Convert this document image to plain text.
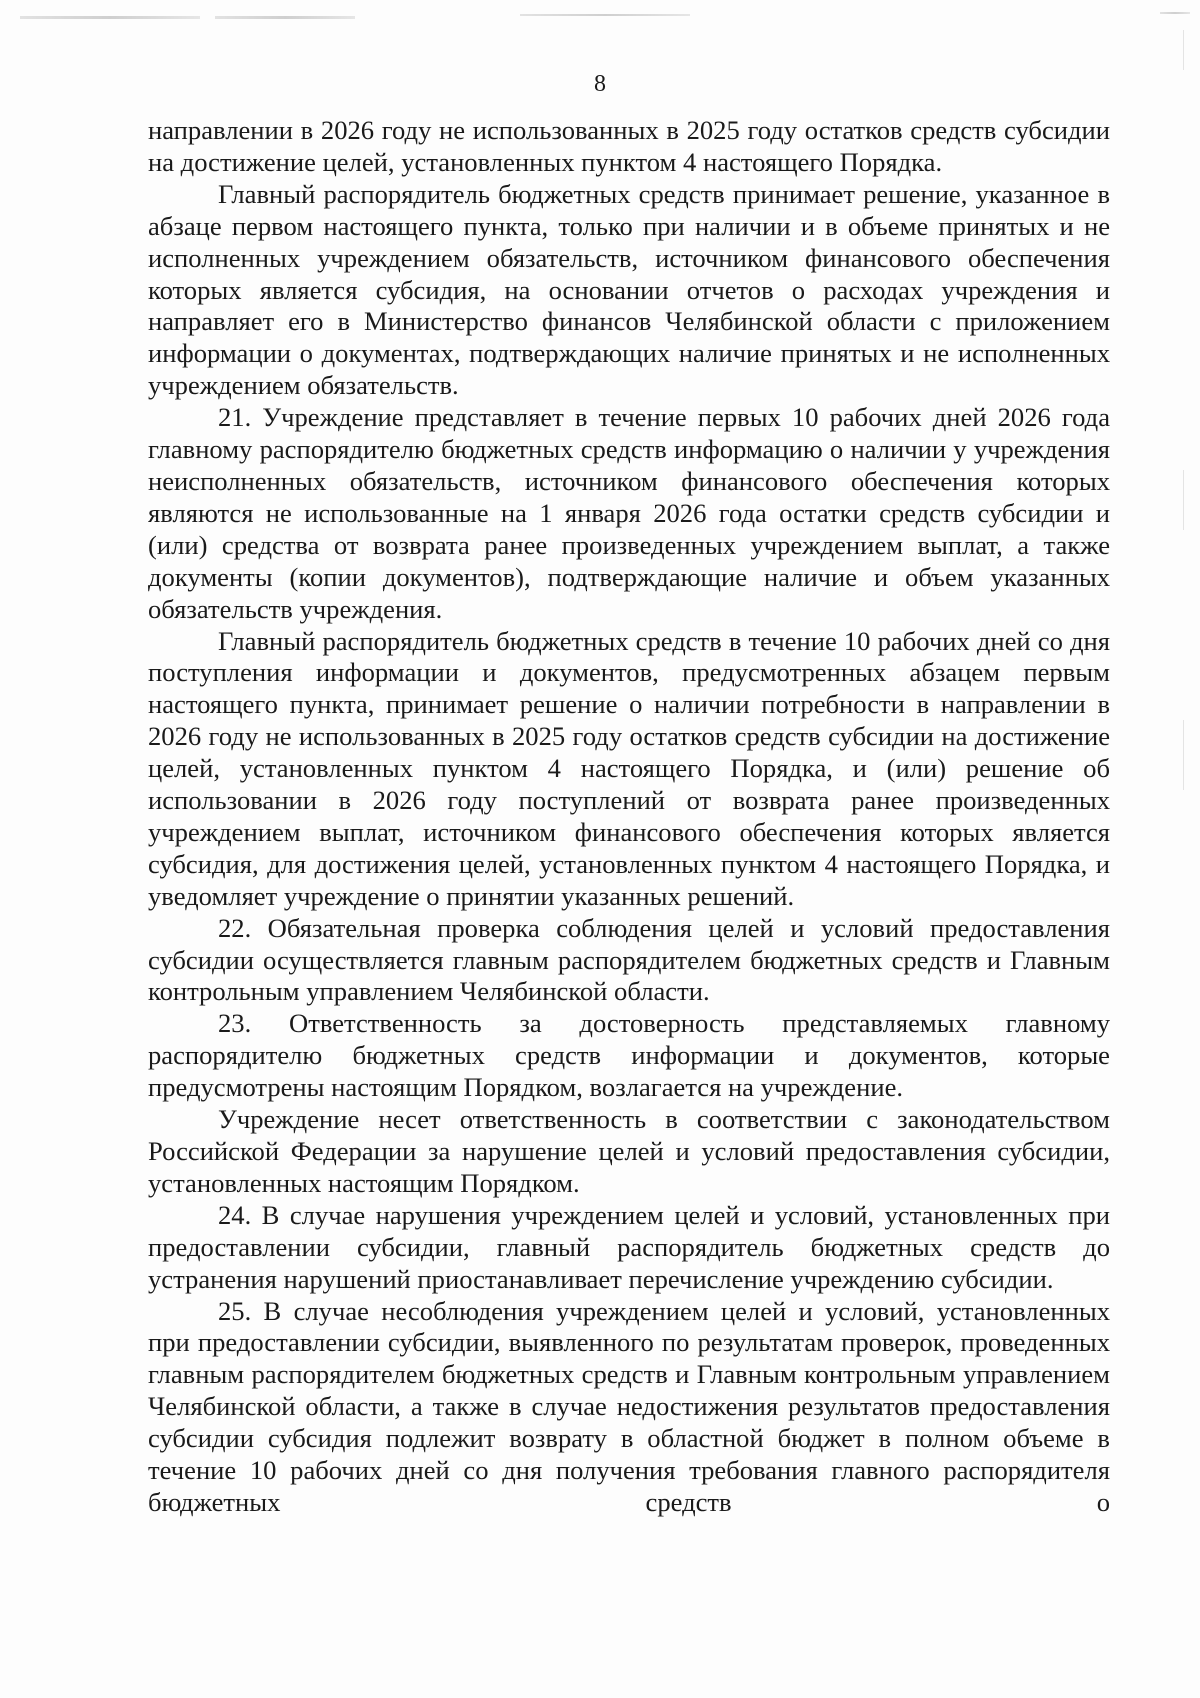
8

направлении в 2026 году не использованных в 2025 году остатков средств субсидии на достижение целей, установленных пунктом 4 настоящего Порядка.

Главный распорядитель бюджетных средств принимает решение, указанное в абзаце первом настоящего пункта, только при наличии и в объеме принятых и не исполненных учреждением обязательств, источником финансового обеспечения которых является субсидия, на основании отчетов о расходах учреждения и направляет его в Министерство финансов Челябинской области с приложением информации о документах, подтверждающих наличие принятых и не исполненных учреждением обязательств.

21. Учреждение представляет в течение первых 10 рабочих дней 2026 года главному распорядителю бюджетных средств информацию о наличии у учреждения неисполненных обязательств, источником финансового обеспечения которых являются не использованные на 1 января 2026 года остатки средств субсидии и (или) средства от возврата ранее произведенных учреждением выплат, а также документы (копии документов), подтверждающие наличие и объем указанных обязательств учреждения.

Главный распорядитель бюджетных средств в течение 10 рабочих дней со дня поступления информации и документов, предусмотренных абзацем первым настоящего пункта, принимает решение о наличии потребности в направлении в 2026 году не использованных в 2025 году остатков средств субсидии на достижение целей, установленных пунктом 4 настоящего Порядка, и (или) решение об использовании в 2026 году поступлений от возврата ранее произведенных учреждением выплат, источником финансового обеспечения которых является субсидия, для достижения целей, установленных пунктом 4 настоящего Порядка, и уведомляет учреждение о принятии указанных решений.

22. Обязательная проверка соблюдения целей и условий предоставления субсидии осуществляется главным распорядителем бюджетных средств и Главным контрольным управлением Челябинской области.

23. Ответственность за достоверность представляемых главному распорядителю бюджетных средств информации и документов, которые предусмотрены настоящим Порядком, возлагается на учреждение.

Учреждение несет ответственность в соответствии с законодательством Российской Федерации за нарушение целей и условий предоставления субсидии, установленных настоящим Порядком.

24. В случае нарушения учреждением целей и условий, установленных при предоставлении субсидии, главный распорядитель бюджетных средств до устранения нарушений приостанавливает перечисление учреждению субсидии.

25. В случае несоблюдения учреждением целей и условий, установленных при предоставлении субсидии, выявленного по результатам проверок, проведенных главным распорядителем бюджетных средств и Главным контрольным управлением Челябинской области, а также в случае недостижения результатов предоставления субсидии субсидия подлежит возврату в областной бюджет в полном объеме в течение 10 рабочих дней со дня получения требования главного распорядителя бюджетных средств о
